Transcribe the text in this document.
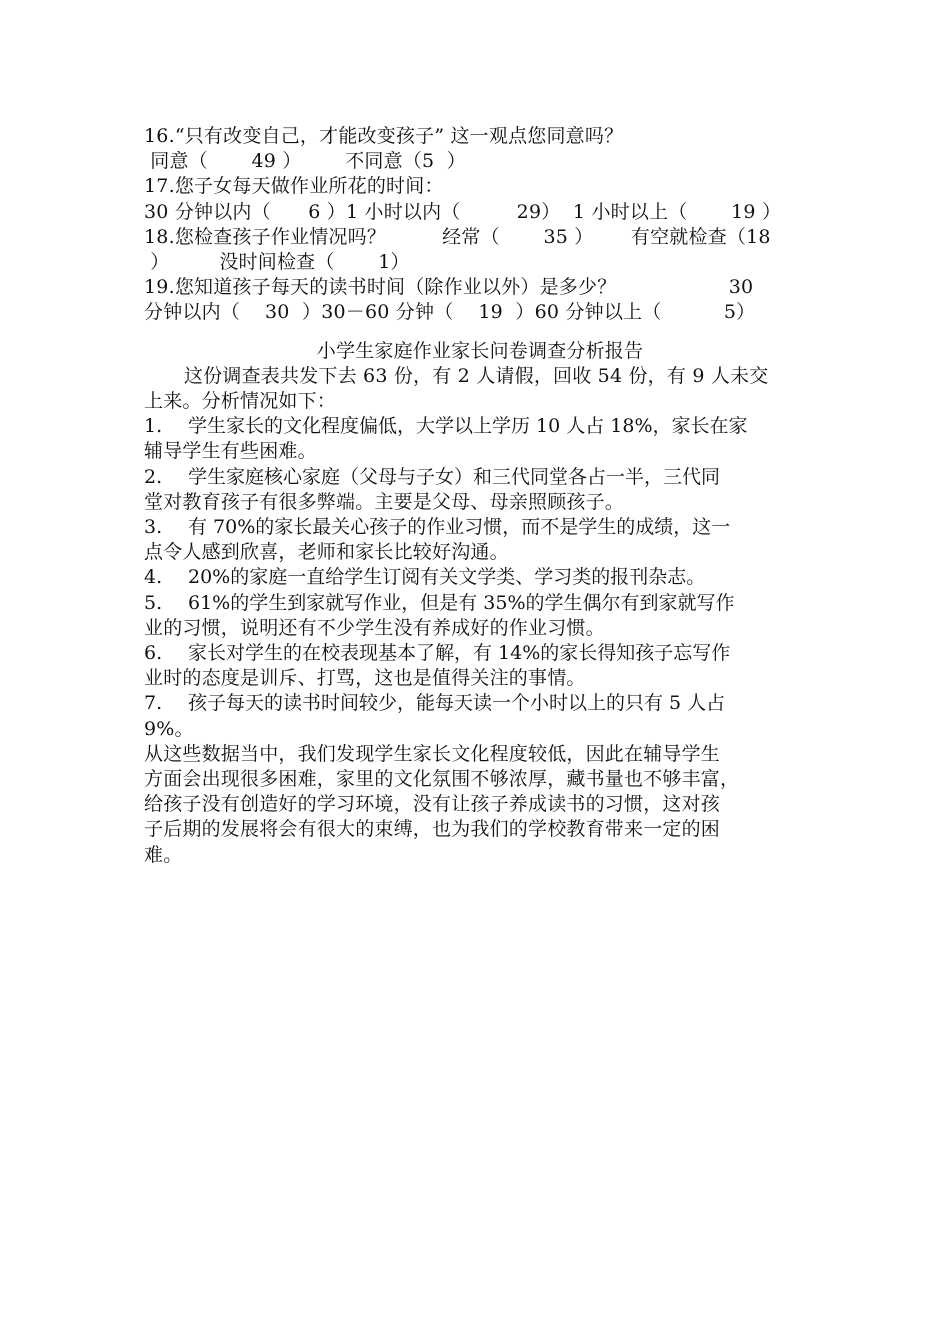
16.“只有改变自己，才能改变孩子” 这一观点您同意吗？
同意（       49 ）       不同意（5  ）
17.您子女每天做作业所花的时间：
30 分钟以内（      6 ）1 小时以内（         29）  1 小时以上（       19 ）
18.您检查孩子作业情况吗？         经常（       35 ）      有空就检查（18
）        没时间检查（       1）
19.您知道孩子每天的读书时间（除作业以外）是多少？                  30
分钟以内（    30  ）30－60 分钟（    19  ）60 分钟以上（          5）
小学生家庭作业家长问卷调查分析报告
这份调查表共发下去 63 份，有 2 人请假，回收 54 份，有 9 人未交
上来。分析情况如下：
1.	学生家长的文化程度偏低，大学以上学历 10 人占 18%，家长在家
辅导学生有些困难。
2.	学生家庭核心家庭（父母与子女）和三代同堂各占一半，三代同
堂对教育孩子有很多弊端。主要是父母、母亲照顾孩子。
3.	有 70%的家长最关心孩子的作业习惯，而不是学生的成绩，这一
点令人感到欣喜，老师和家长比较好沟通。
4.	20%的家庭一直给学生订阅有关文学类、学习类的报刊杂志。
5.	61%的学生到家就写作业，但是有 35%的学生偶尔有到家就写作
业的习惯，说明还有不少学生没有养成好的作业习惯。
6.	家长对学生的在校表现基本了解，有 14%的家长得知孩子忘写作
业时的态度是训斥、打骂，这也是值得关注的事情。
7.	孩子每天的读书时间较少，能每天读一个小时以上的只有 5 人占
9%。
从这些数据当中，我们发现学生家长文化程度较低，因此在辅导学生
方面会出现很多困难，家里的文化氛围不够浓厚，藏书量也不够丰富，
给孩子没有创造好的学习环境，没有让孩子养成读书的习惯，这对孩
子后期的发展将会有很大的束缚，也为我们的学校教育带来一定的困
难。
